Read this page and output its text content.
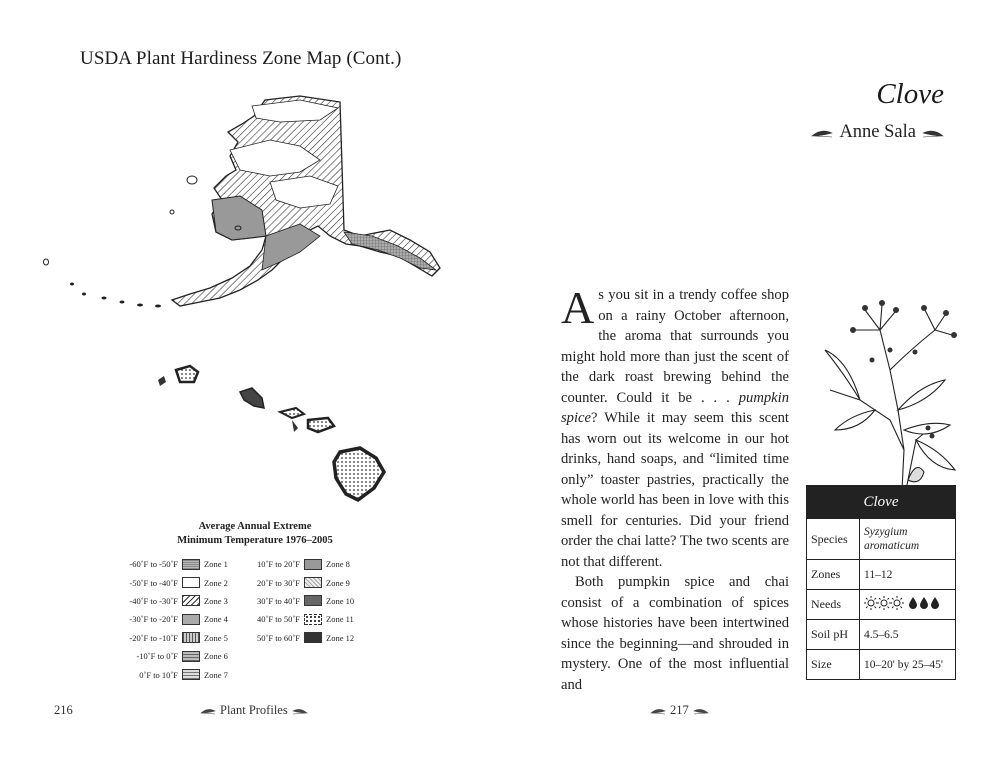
USDA Plant Hardiness Zone Map (Cont.)
Average Annual Extreme
Minimum Temperature 1976–2005
-60˚F to -50˚F	Zone 1
-50˚F to -40˚F	Zone 2
-40˚F to -30˚F	Zone 3
-30˚F to -20˚F	Zone 4
-20˚F to -10˚F	Zone 5
-10˚F to 0˚F	Zone 6
0˚F to 10˚F	Zone 7
10˚F to 20˚F	Zone 8
20˚F to 30˚F	Zone 9
30˚F to 40˚F	Zone 10
40˚F to 50˚F	Zone 11
50˚F to 60˚F	Zone 12
216	Plant Profiles
Clove
Anne Sala

As you sit in a trendy coffee shop on a rainy October afternoon, the aroma that surrounds you might hold more than just the scent of the dark roast brewing behind the counter. Could it be . . . pumpkin spice? While it may seem this scent has worn out its welcome in our hot drinks, hand soaps, and “limited time only” toaster pastries, practically the whole world has been in love with this smell for centuries. Did your friend order the chai latte? The two scents are not that different.

Both pumpkin spice and chai consist of a combination of spices whose histories have been intertwined since the beginning—and shrouded in mystery. One of the most influential and

Clove
Species	Syzygium
aromaticum

Zones	11–12
Needs	
Soil pH	4.5–6.5
Size	10–20' by 25–45'
217
